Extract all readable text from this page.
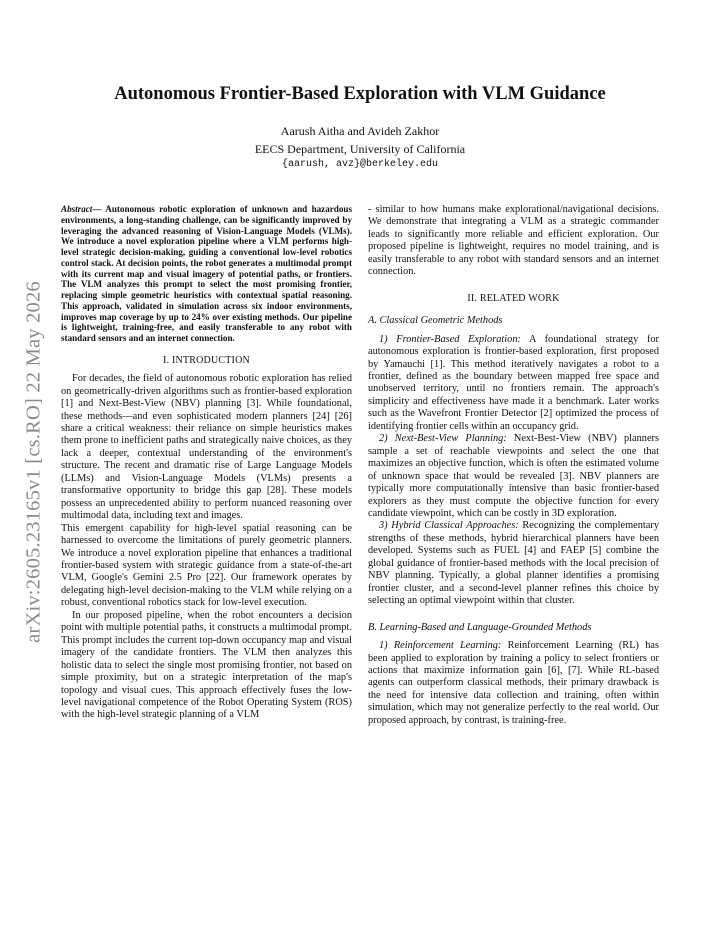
arXiv:2605.23165v1 [cs.RO] 22 May 2026
Autonomous Frontier-Based Exploration with VLM Guidance
Aarush Aitha and Avideh Zakhor
EECS Department, University of California
{aarush, avz}@berkeley.edu

Abstract— Autonomous robotic exploration of unknown and hazardous environments, a long-standing challenge, can be significantly improved by leveraging the advanced reasoning of Vision-Language Models (VLMs). We introduce a novel exploration pipeline where a VLM performs high-level strategic decision-making, guiding a conventional low-level robotics control stack. At decision points, the robot generates a multimodal prompt with its current map and visual imagery of potential paths, or frontiers. The VLM analyzes this prompt to select the most promising frontier, replacing simple geometric heuristics with contextual spatial reasoning. This approach, validated in simulation across six indoor environments, improves map coverage by up to 24% over existing methods. Our pipeline is lightweight, training-free, and easily transferable to any robot with standard sensors and an internet connection.

I. INTRODUCTION

For decades, the field of autonomous robotic exploration has relied on geometrically-driven algorithms such as frontier-based exploration [1] and Next-Best-View (NBV) planning [3]. While foundational, these methods—and even sophisticated modern planners [24] [26] share a critical weakness: their reliance on simple heuristics makes them prone to inefficient paths and strategically naive choices, as they lack a deeper, contextual understanding of the environment's structure. The recent and dramatic rise of Large Language Models (LLMs) and Vision-Language Models (VLMs) presents a transformative opportunity to bridge this gap [28]. These models possess an unprecedented ability to perform nuanced reasoning over multimodal data, including text and images.

This emergent capability for high-level spatial reasoning can be harnessed to overcome the limitations of purely geometric planners. We introduce a novel exploration pipeline that enhances a traditional frontier-based system with strategic guidance from a state-of-the-art VLM, Google's Gemini 2.5 Pro [22]. Our framework operates by delegating high-level decision-making to the VLM while relying on a robust, conventional robotics stack for low-level execution.

In our proposed pipeline, when the robot encounters a decision point with multiple potential paths, it constructs a multimodal prompt. This prompt includes the current top-down occupancy map and visual imagery of the candidate frontiers. The VLM then analyzes this holistic data to select the single most promising frontier, not based on simple proximity, but on a strategic interpretation of the map's topology and visual cues. This approach effectively fuses the low-level navigational competence of the Robot Operating System (ROS) with the high-level strategic planning of a VLM

- similar to how humans make explorational/navigational decisions. We demonstrate that integrating a VLM as a strategic commander leads to significantly more reliable and efficient exploration. Our proposed pipeline is lightweight, requires no model training, and is easily transferable to any robot with standard sensors and an internet connection.

II. RELATED WORK
A. Classical Geometric Methods

1) Frontier-Based Exploration: A foundational strategy for autonomous exploration is frontier-based exploration, first proposed by Yamauchi [1]. This method iteratively navigates a robot to a frontier, defined as the boundary between mapped free space and unobserved territory, until no frontiers remain. The approach's simplicity and effectiveness have made it a benchmark. Later works such as the Wavefront Frontier Detector [2] optimized the process of identifying frontier cells within an occupancy grid.

2) Next-Best-View Planning: Next-Best-View (NBV) planners sample a set of reachable viewpoints and select the one that maximizes an objective function, which is often the estimated volume of unknown space that would be revealed [3]. NBV planners are typically more computationally intensive than basic frontier-based explorers as they must compute the objective function for every candidate viewpoint, which can be costly in 3D exploration.

3) Hybrid Classical Approaches: Recognizing the complementary strengths of these methods, hybrid hierarchical planners have been developed. Systems such as FUEL [4] and FAEP [5] combine the global guidance of frontier-based methods with the local precision of NBV planning. Typically, a global planner identifies a promising frontier cluster, and a second-level planner refines this choice by selecting an optimal viewpoint within that cluster.

B. Learning-Based and Language-Grounded Methods

1) Reinforcement Learning: Reinforcement Learning (RL) has been applied to exploration by training a policy to select frontiers or actions that maximize information gain [6], [7]. While RL-based agents can outperform classical methods, their primary drawback is the need for intensive data collection and training, often within simulation, which may not generalize perfectly to the real world. Our proposed approach, by contrast, is training-free.
